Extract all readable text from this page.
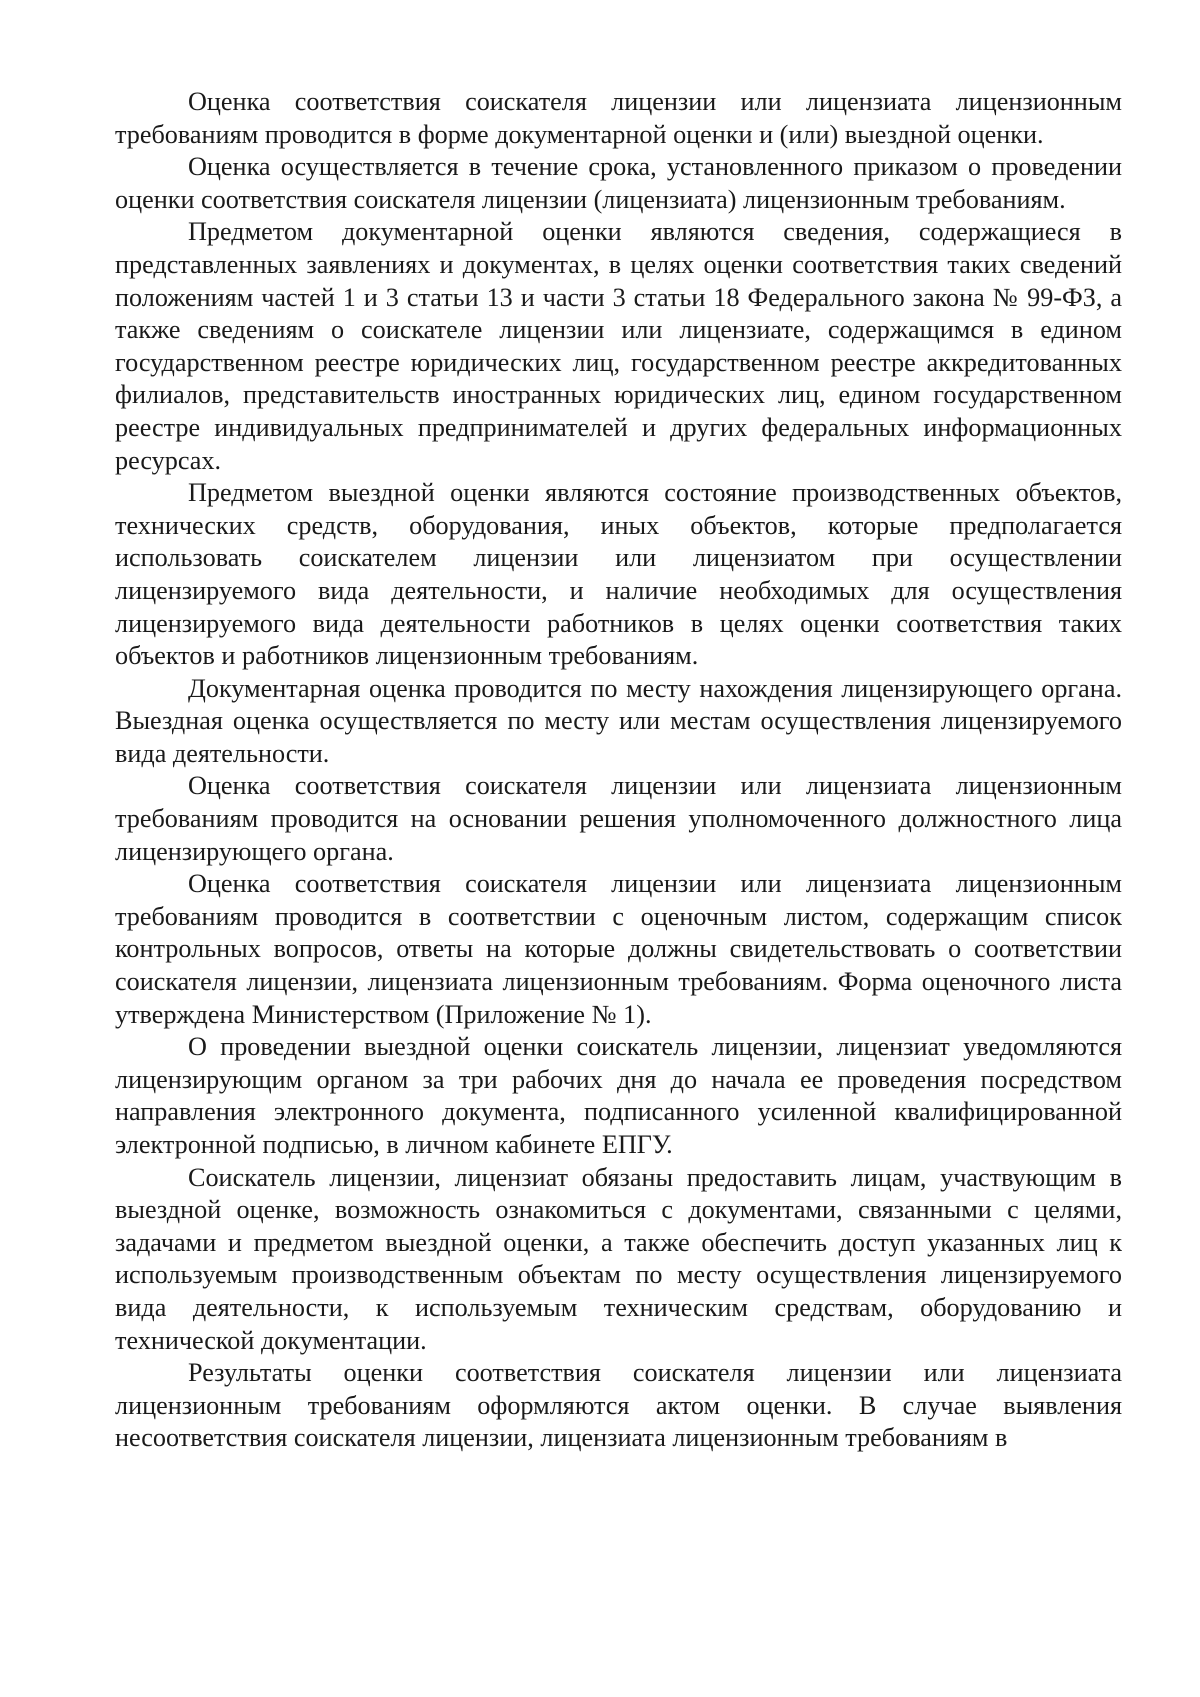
Оценка соответствия соискателя лицензии или лицензиата лицензионным требованиям проводится в форме документарной оценки и (или) выездной оценки.

Оценка осуществляется в течение срока, установленного приказом о проведении оценки соответствия соискателя лицензии (лицензиата) лицензионным требованиям.

Предметом документарной оценки являются сведения, содержащиеся в представленных заявлениях и документах, в целях оценки соответствия таких сведений положениям частей 1 и 3 статьи 13 и части 3 статьи 18 Федерального закона № 99-ФЗ, а также сведениям о соискателе лицензии или лицензиате, содержащимся в едином государственном реестре юридических лиц, государственном реестре аккредитованных филиалов, представительств иностранных юридических лиц, едином государственном реестре индивидуальных предпринимателей и других федеральных информационных ресурсах.

Предметом выездной оценки являются состояние производственных объектов, технических средств, оборудования, иных объектов, которые предполагается использовать соискателем лицензии или лицензиатом при осуществлении лицензируемого вида деятельности, и наличие необходимых для осуществления лицензируемого вида деятельности работников в целях оценки соответствия таких объектов и работников лицензионным требованиям.

Документарная оценка проводится по месту нахождения лицензирующего органа. Выездная оценка осуществляется по месту или местам осуществления лицензируемого вида деятельности.

Оценка соответствия соискателя лицензии или лицензиата лицензионным требованиям проводится на основании решения уполномоченного должностного лица лицензирующего органа.

Оценка соответствия соискателя лицензии или лицензиата лицензионным требованиям проводится в соответствии с оценочным листом, содержащим список контрольных вопросов, ответы на которые должны свидетельствовать о соответствии соискателя лицензии, лицензиата лицензионным требованиям. Форма оценочного листа утверждена Министерством (Приложение № 1).

О проведении выездной оценки соискатель лицензии, лицензиат уведомляются лицензирующим органом за три рабочих дня до начала ее проведения посредством направления электронного документа, подписанного усиленной квалифицированной электронной подписью, в личном кабинете ЕПГУ.

Соискатель лицензии, лицензиат обязаны предоставить лицам, участвующим в выездной оценке, возможность ознакомиться с документами, связанными с целями, задачами и предметом выездной оценки, а также обеспечить доступ указанных лиц к используемым производственным объектам по месту осуществления лицензируемого вида деятельности, к используемым техническим средствам, оборудованию и технической документации.

Результаты оценки соответствия соискателя лицензии или лицензиата лицензионным требованиям оформляются актом оценки. В случае выявления несоответствия соискателя лицензии, лицензиата лицензионным требованиям в
